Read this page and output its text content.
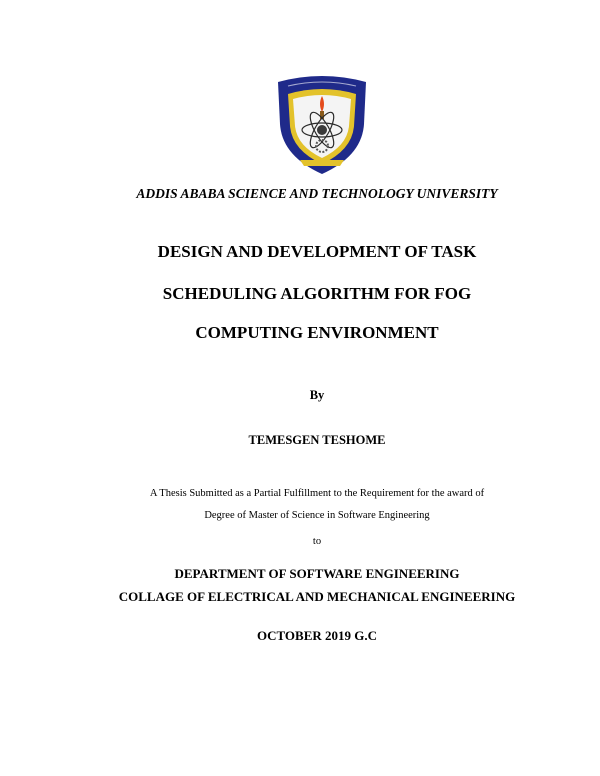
ADDIS ABABA SCIENCE AND TECHNOLOGY UNIVERSITY
DESIGN AND DEVELOPMENT OF TASK
SCHEDULING ALGORITHM FOR FOG
COMPUTING ENVIRONMENT
By
TEMESGEN TESHOME
A Thesis Submitted as a Partial Fulfillment to the Requirement for the award of
Degree of Master of Science in Software Engineering
to
DEPARTMENT OF SOFTWARE ENGINEERING
COLLAGE OF ELECTRICAL AND MECHANICAL ENGINEERING
OCTOBER 2019 G.C
